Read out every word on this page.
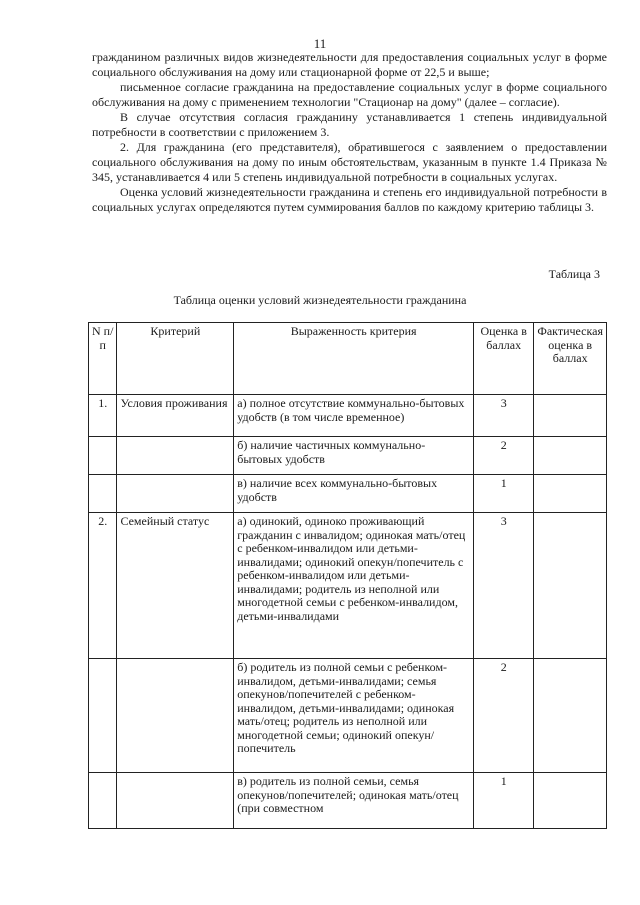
11

гражданином различных видов жизнедеятельности для предоставления социальных услуг в форме социального обслуживания на дому или стационарной форме от 22,5 и выше;

письменное согласие гражданина на предоставление социальных услуг в форме социального обслуживания на дому с применением технологии "Стационар на дому" (далее – согласие).

В случае отсутствия согласия гражданину устанавливается 1 степень индивидуальной потребности в соответствии с приложением 3.

2. Для гражданина (его представителя), обратившегося с заявлением о предоставлении социального обслуживания на дому по иным обстоятельствам, указанным в пункте 1.4 Приказа № 345, устанавливается 4 или 5 степень индивидуальной потребности в социальных услугах.

Оценка условий жизнедеятельности гражданина и степень его индивидуальной потребности в социальных услугах определяются путем суммирования баллов по каждому критерию таблицы 3.

Таблица 3
Таблица оценки условий жизнедеятельности гражданина
N п/п	Критерий	Выраженность критерия	Оценка в баллах	Фактическая оценка в баллах
1.	Условия проживания	а) полное отсутствие коммунально-бытовых удобств (в том числе временное)	3	
		б) наличие частичных коммунально-бытовых удобств	2	
		в) наличие всех коммунально-бытовых удобств	1	
2.	Семейный статус	а) одинокий, одиноко проживающий гражданин с инвалидом; одинокая мать/отец с ребенком-инвалидом или детьми-инвалидами; одинокий опекун/попечитель с ребенком-инвалидом или детьми-инвалидами; родитель из неполной или многодетной семьи с ребенком-инвалидом, детьми-инвалидами	3	
		б) родитель из полной семьи с ребенком-инвалидом, детьми-инвалидами; семья опекунов/попечителей с ребенком-инвалидом, детьми-инвалидами; одинокая мать/отец; родитель из неполной или многодетной семьи; одинокий опекун/попечитель	2	
		в) родитель из полной семьи, семья опекунов/попечителей; одинокая мать/отец (при совместном	1	
